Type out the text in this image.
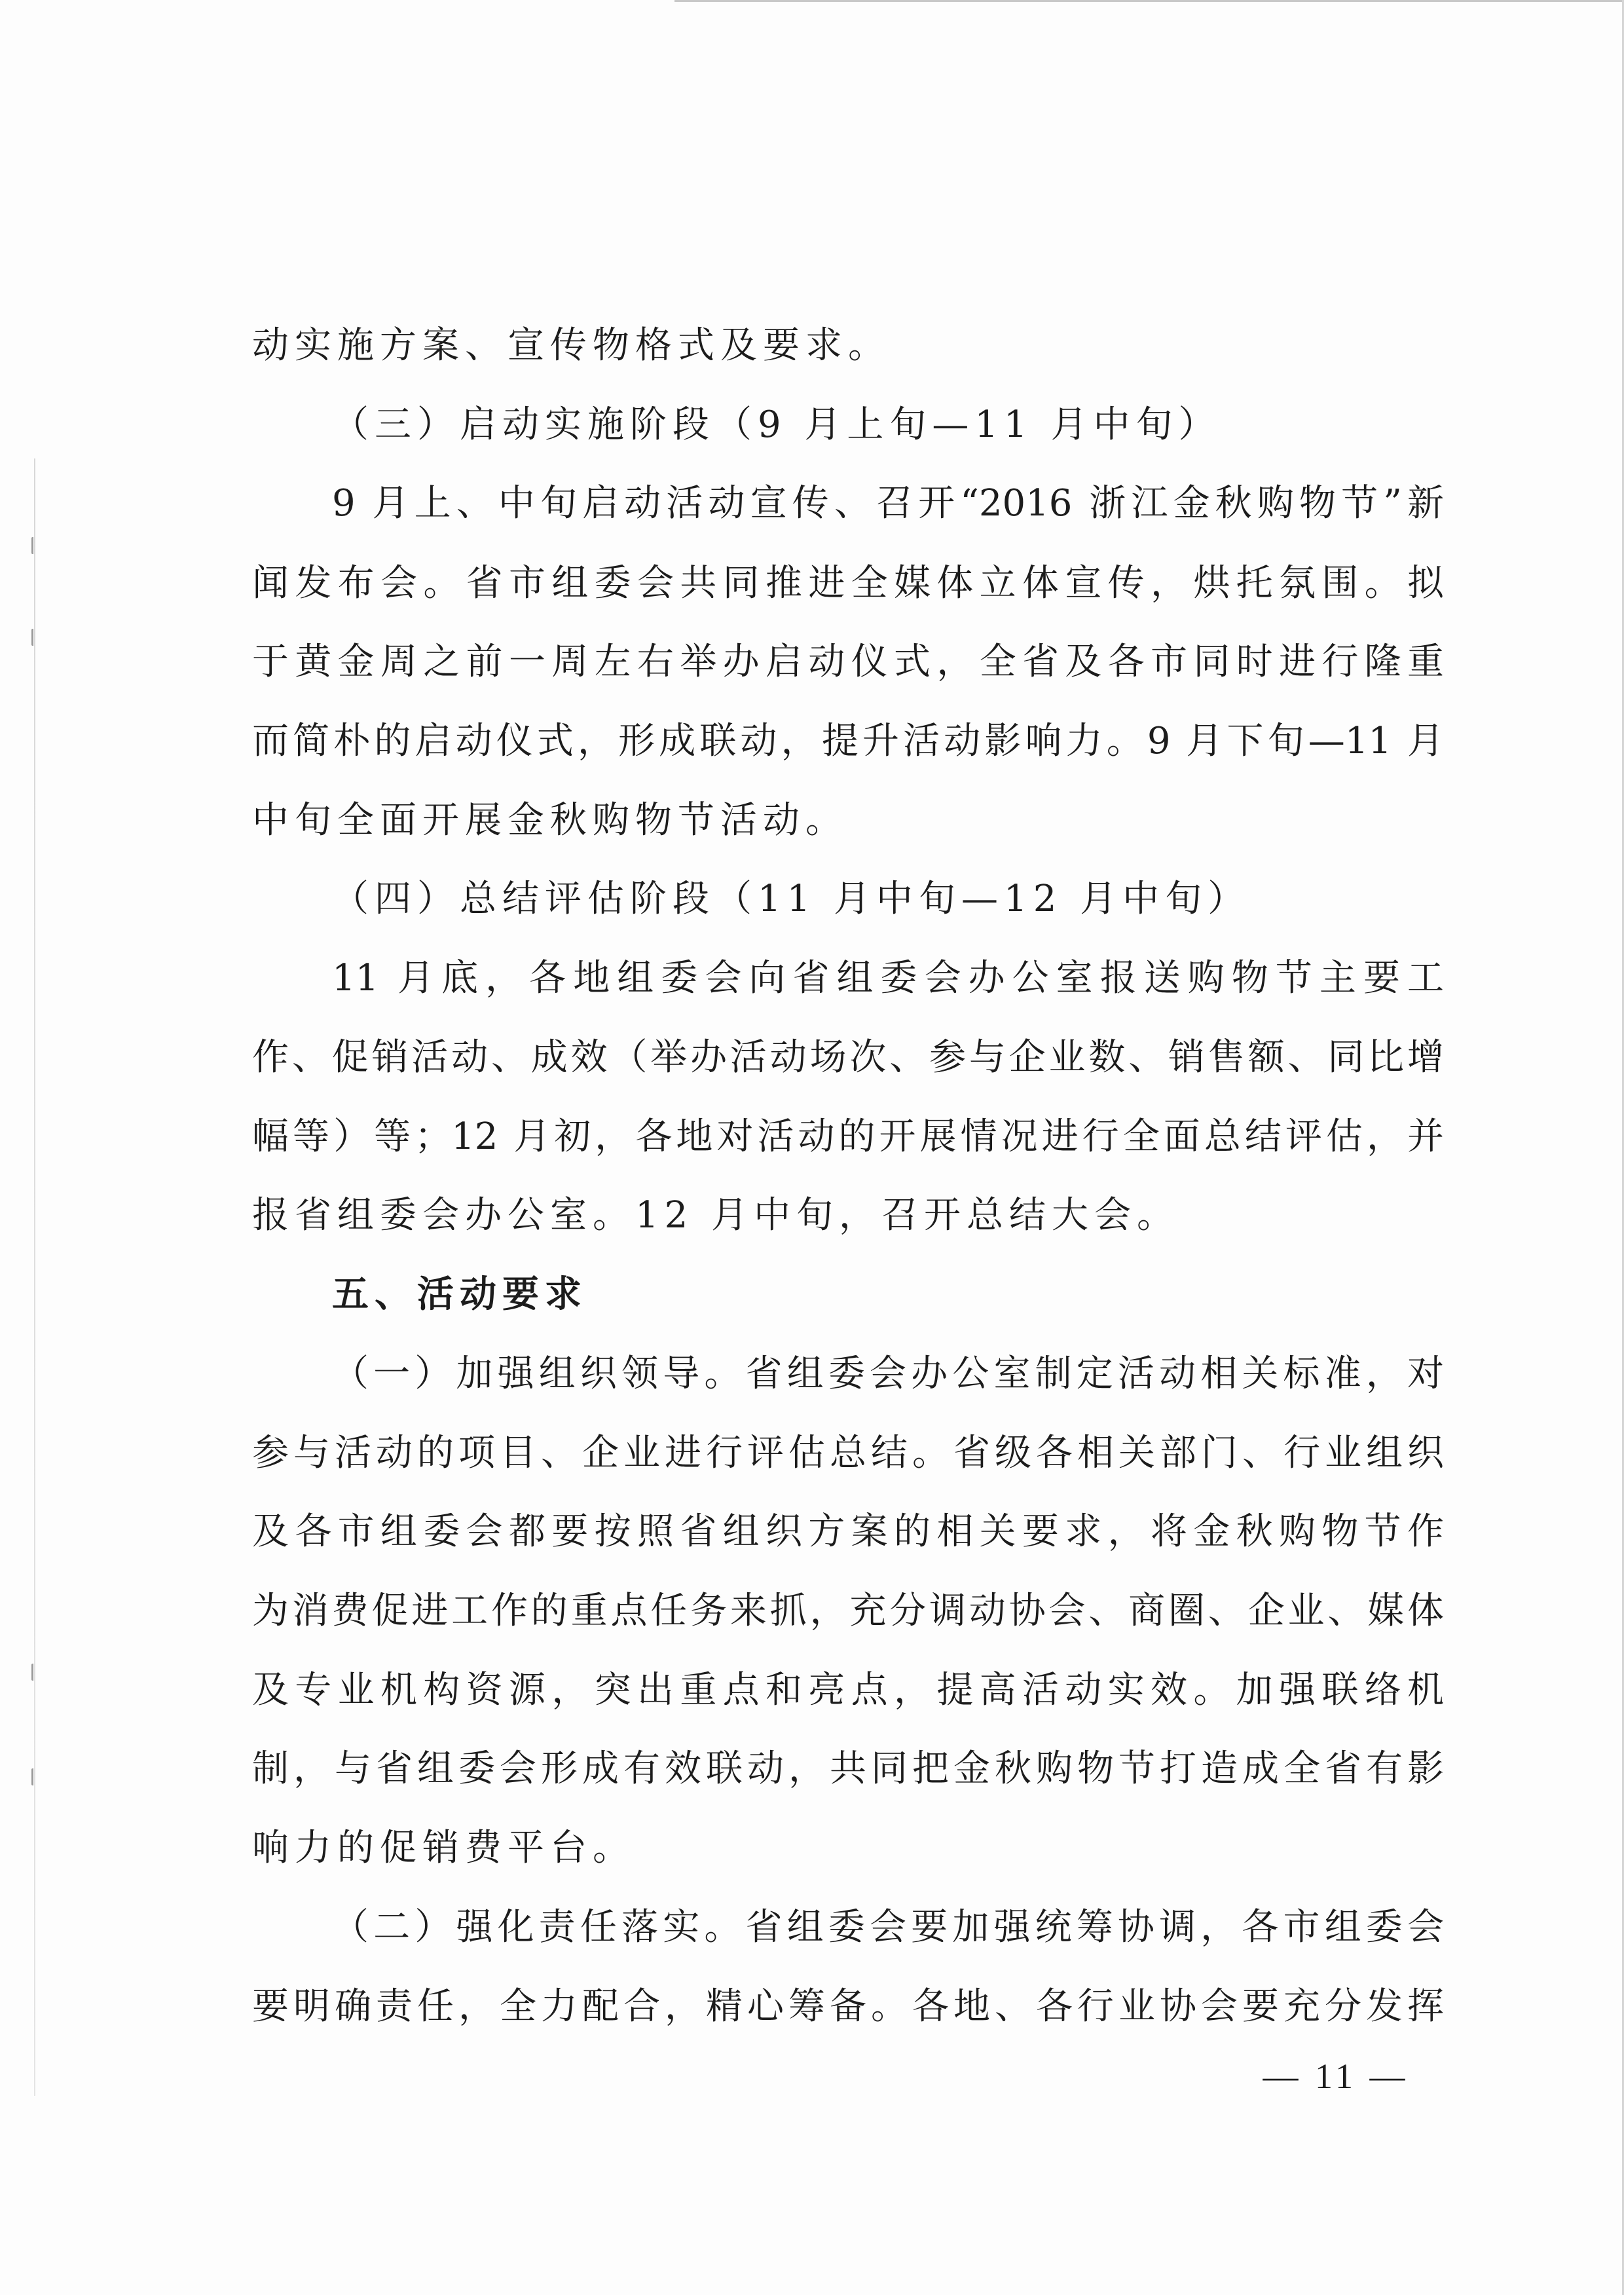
动实施方案、宣传物格式及要求。
（三）启动实施阶段（9 月上旬—11 月中旬）
9 月上、中旬启动活动宣传、召开“2016 浙江金秋购物节”新
闻发布会。省市组委会共同推进全媒体立体宣传，烘托氛围。拟
于黄金周之前一周左右举办启动仪式，全省及各市同时进行隆重
而简朴的启动仪式，形成联动，提升活动影响力。9 月下旬—11 月
中旬全面开展金秋购物节活动。
（四）总结评估阶段（11 月中旬—12 月中旬）
11 月底，各地组委会向省组委会办公室报送购物节主要工
作、促销活动、成效（举办活动场次、参与企业数、销售额、同比增
幅等）等；12 月初，各地对活动的开展情况进行全面总结评估，并
报省组委会办公室。12 月中旬，召开总结大会。
五、活动要求
（一）加强组织领导。省组委会办公室制定活动相关标准，对
参与活动的项目、企业进行评估总结。省级各相关部门、行业组织
及各市组委会都要按照省组织方案的相关要求，将金秋购物节作
为消费促进工作的重点任务来抓，充分调动协会、商圈、企业、媒体
及专业机构资源，突出重点和亮点，提高活动实效。加强联络机
制，与省组委会形成有效联动，共同把金秋购物节打造成全省有影
响力的促销费平台。
（二）强化责任落实。省组委会要加强统筹协调，各市组委会
要明确责任，全力配合，精心筹备。各地、各行业协会要充分发挥
— 11 —
